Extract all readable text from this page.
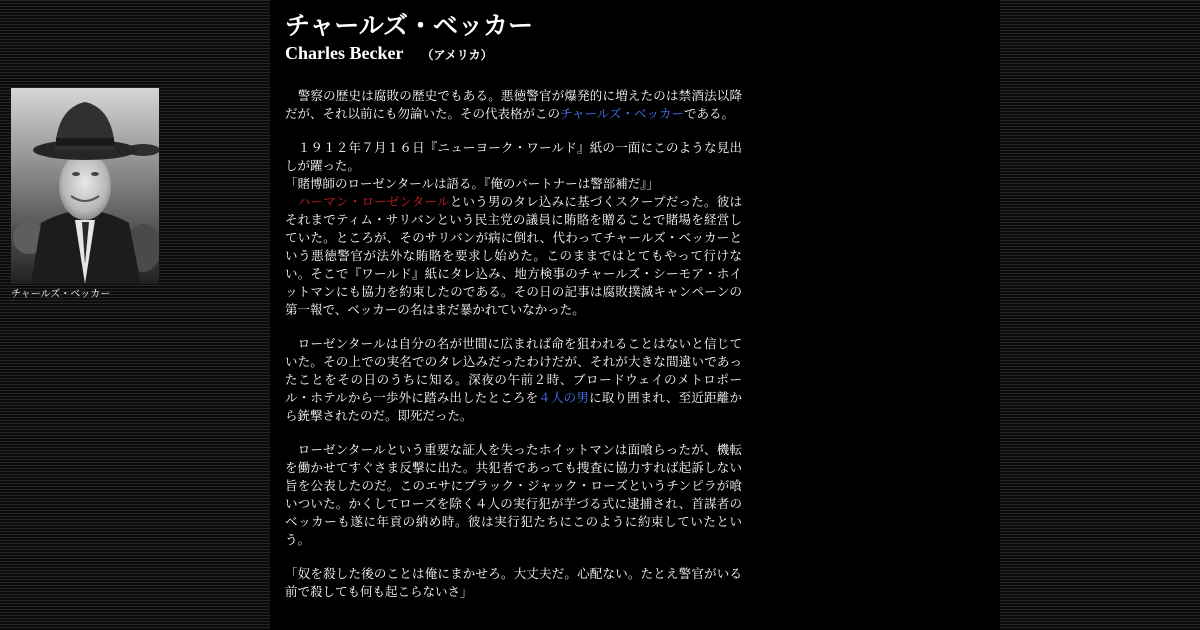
チャールズ・ベッカー
チャールズ・ベッカー
Charles Becker （アメリカ）

　警察の歴史は腐敗の歴史でもある。悪徳警官が爆発的に増えたのは禁酒法以降だが、それ以前にも勿論いた。その代表格がこのチャールズ・ベッカーである。

　１９１２年７月１６日『ニューヨーク・ワールド』紙の一面にこのような見出しが躍った。
「賭博師のローゼンタールは語る。『俺のパートナーは警部補だ』」
　ハーマン・ローゼンタールという男のタレ込みに基づくスクープだった。彼はそれまでティム・サリバンという民主党の議員に賄賂を贈ることで賭場を経営していた。ところが、そのサリバンが病に倒れ、代わってチャールズ・ベッカーという悪徳警官が法外な賄賂を要求し始めた。このままではとてもやって行けない。そこで『ワールド』紙にタレ込み、地方検事のチャールズ・シーモア・ホイットマンにも協力を約束したのである。その日の記事は腐敗撲滅キャンペーンの第一報で、ベッカーの名はまだ暴かれていなかった。

　ローゼンタールは自分の名が世間に広まれば命を狙われることはないと信じていた。その上での実名でのタレ込みだったわけだが、それが大きな間違いであったことをその日のうちに知る。深夜の午前２時、ブロードウェイのメトロポール・ホテルから一歩外に踏み出したところを４人の男に取り囲まれ、至近距離から銃撃されたのだ。即死だった。

　ローゼンタールという重要な証人を失ったホイットマンは面喰らったが、機転を働かせてすぐさま反撃に出た。共犯者であっても捜査に協力すれば起訴しない旨を公表したのだ。このエサにブラック・ジャック・ローズというチンピラが喰いついた。かくしてローズを除く４人の実行犯が芋づる式に逮捕され、首謀者のベッカーも遂に年貢の納め時。彼は実行犯たちにこのように約束していたという。

「奴を殺した後のことは俺にまかせろ。大丈夫だ。心配ない。たとえ警官がいる前で殺しても何も起こらないさ」
